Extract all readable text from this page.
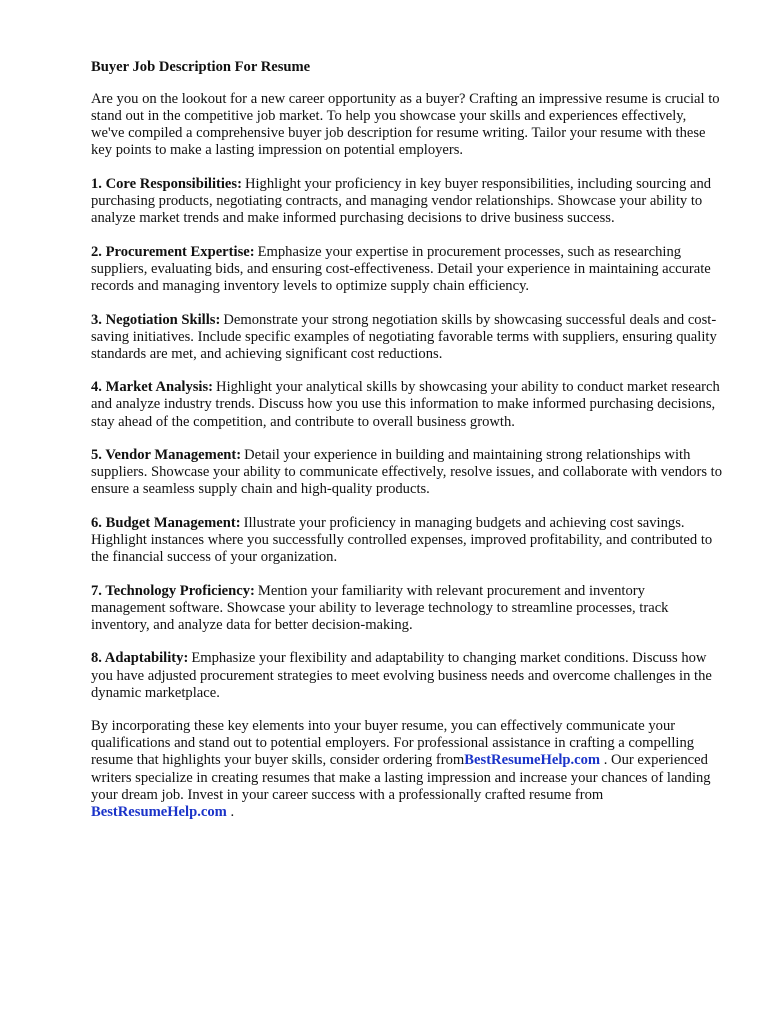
Buyer Job Description For Resume

Are you on the lookout for a new career opportunity as a buyer? Crafting an impressive resume is crucial to stand out in the competitive job market. To help you showcase your skills and experiences effectively, we've compiled a comprehensive buyer job description for resume writing. Tailor your resume with these key points to make a lasting impression on potential employers.

1. Core Responsibilities: Highlight your proficiency in key buyer responsibilities, including sourcing and purchasing products, negotiating contracts, and managing vendor relationships. Showcase your ability to analyze market trends and make informed purchasing decisions to drive business success.

2. Procurement Expertise: Emphasize your expertise in procurement processes, such as researching suppliers, evaluating bids, and ensuring cost-effectiveness. Detail your experience in maintaining accurate records and managing inventory levels to optimize supply chain efficiency.

3. Negotiation Skills: Demonstrate your strong negotiation skills by showcasing successful deals and cost-saving initiatives. Include specific examples of negotiating favorable terms with suppliers, ensuring quality standards are met, and achieving significant cost reductions.

4. Market Analysis: Highlight your analytical skills by showcasing your ability to conduct market research and analyze industry trends. Discuss how you use this information to make informed purchasing decisions, stay ahead of the competition, and contribute to overall business growth.

5. Vendor Management: Detail your experience in building and maintaining strong relationships with suppliers. Showcase your ability to communicate effectively, resolve issues, and collaborate with vendors to ensure a seamless supply chain and high-quality products.

6. Budget Management: Illustrate your proficiency in managing budgets and achieving cost savings. Highlight instances where you successfully controlled expenses, improved profitability, and contributed to the financial success of your organization.

7. Technology Proficiency: Mention your familiarity with relevant procurement and inventory management software. Showcase your ability to leverage technology to streamline processes, track inventory, and analyze data for better decision-making.

8. Adaptability: Emphasize your flexibility and adaptability to changing market conditions. Discuss how you have adjusted procurement strategies to meet evolving business needs and overcome challenges in the dynamic marketplace.

By incorporating these key elements into your buyer resume, you can effectively communicate your qualifications and stand out to potential employers. For professional assistance in crafting a compelling resume that highlights your buyer skills, consider ordering fromBestResumeHelp.com . Our experienced writers specialize in creating resumes that make a lasting impression and increase your chances of landing your dream job. Invest in your career success with a professionally crafted resume from BestResumeHelp.com .
